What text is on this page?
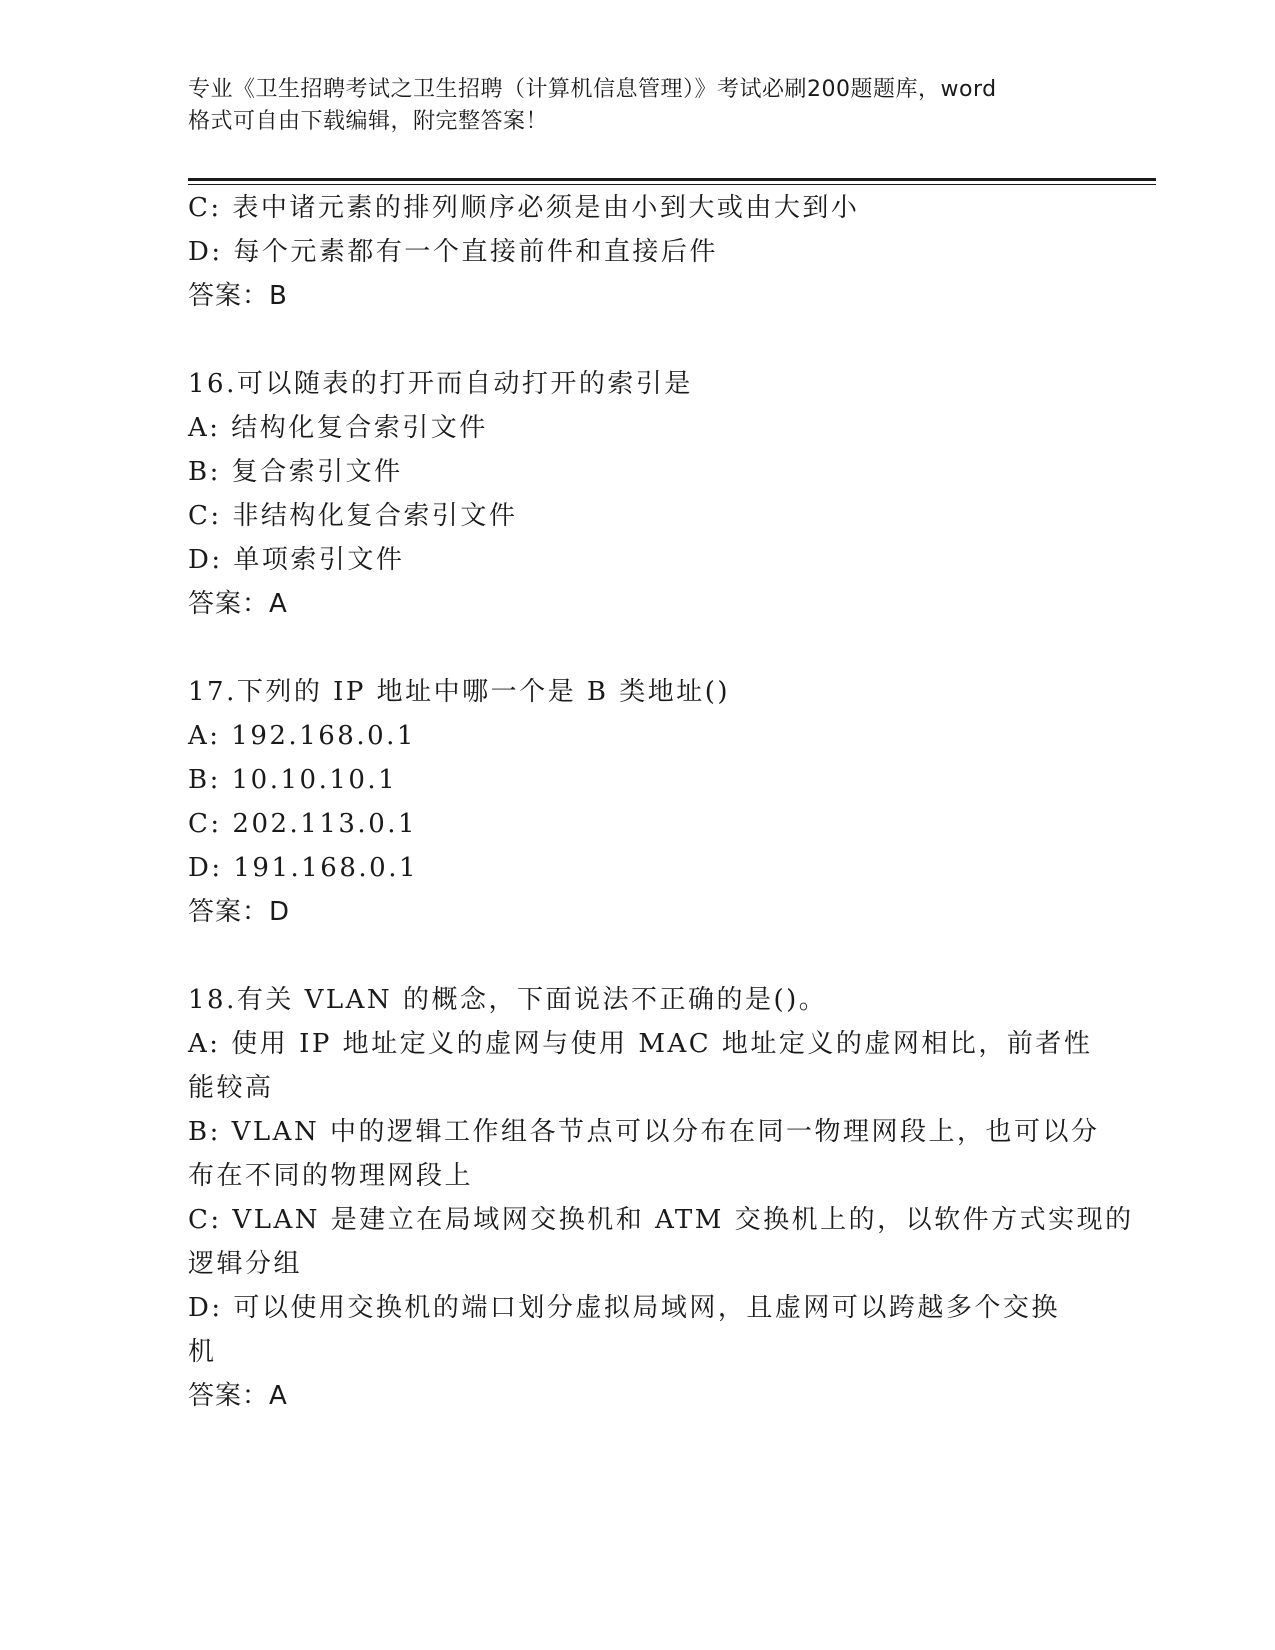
专业《卫生招聘考试之卫生招聘（计算机信息管理）》考试必刷200题题库，word
格式可自由下载编辑，附完整答案！
C: 表中诸元素的排列顺序必须是由小到大或由大到小
D: 每个元素都有一个直接前件和直接后件
答案：B
16.可以随表的打开而自动打开的索引是
A: 结构化复合索引文件
B: 复合索引文件
C: 非结构化复合索引文件
D: 单项索引文件
答案：A
17.下列的 IP 地址中哪一个是 B 类地址()
A: 192.168.0.1
B: 10.10.10.1
C: 202.113.0.1
D: 191.168.0.1
答案：D
18.有关 VLAN 的概念，下面说法不正确的是()。
A: 使用 IP 地址定义的虚网与使用 MAC 地址定义的虚网相比，前者性
能较高
B: VLAN 中的逻辑工作组各节点可以分布在同一物理网段上，也可以分
布在不同的物理网段上
C: VLAN 是建立在局域网交换机和 ATM 交换机上的，以软件方式实现的
逻辑分组
D: 可以使用交换机的端口划分虚拟局域网，且虚网可以跨越多个交换
机
答案：A
